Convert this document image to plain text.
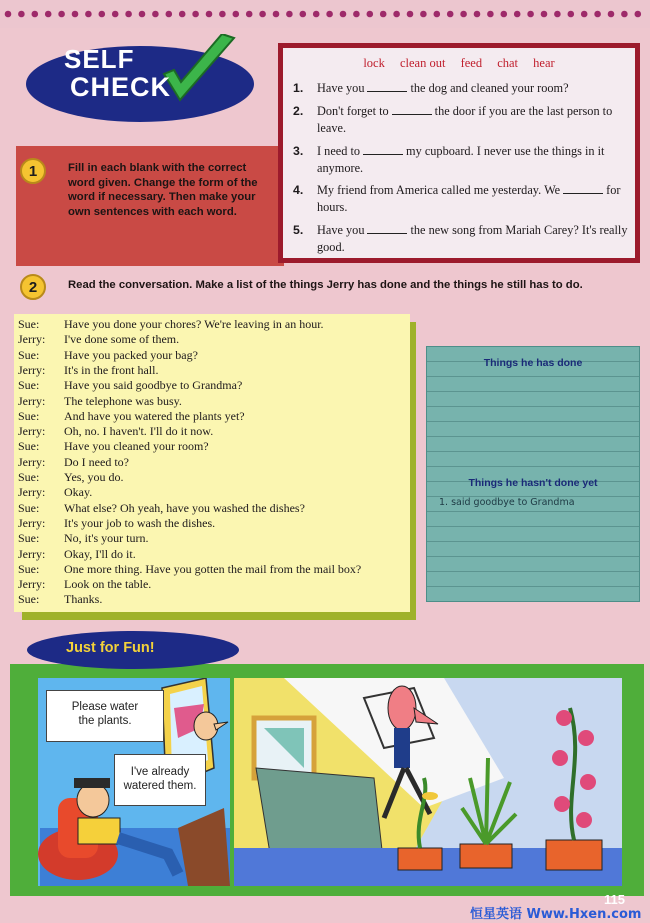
SELF
CHECK
1	Fill in each blank with the correct word given. Change the form of the word if necessary. Then make your own sentences with each word.
lock clean out feed chat hear
1. Have you	the dog and cleaned your room?
2. Don't forget to	the door if you are the last person to leave.
3. I need to	my cupboard. I never use the things in it anymore.
4. My friend from America called me yesterday. We	for hours.
5. Have you	the new song from Mariah Carey? It's really good.
2	Read the conversation. Make a list of the things Jerry has done and the things he still has to do.
Sue: Have you done your chores? We're leaving in an hour.
Jerry: I've done some of them.
Sue: Have you packed your bag?
Jerry: It's in the front hall.
Sue: Have you said goodbye to Grandma?
Jerry: The telephone was busy.
Sue: And have you watered the plants yet?
Jerry: Oh, no. I haven't. I'll do it now.
Sue: Have you cleaned your room?
Jerry: Do I need to?
Sue: Yes, you do.
Jerry: Okay.
Sue: What else? Oh yeah, have you washed the dishes?
Jerry: It's your job to wash the dishes.
Sue: No, it's your turn.
Jerry: Okay, I'll do it.
Sue: One more thing. Have you gotten the mail from the mail box?
Jerry: Look on the table.
Sue: Thanks.
Things he has done
Things he hasn't done yet
1. said goodbye to Grandma
Just for Fun!
Please water
the plants.
I've already
watered them.
115
恒星英语 Www.Hxen.com
